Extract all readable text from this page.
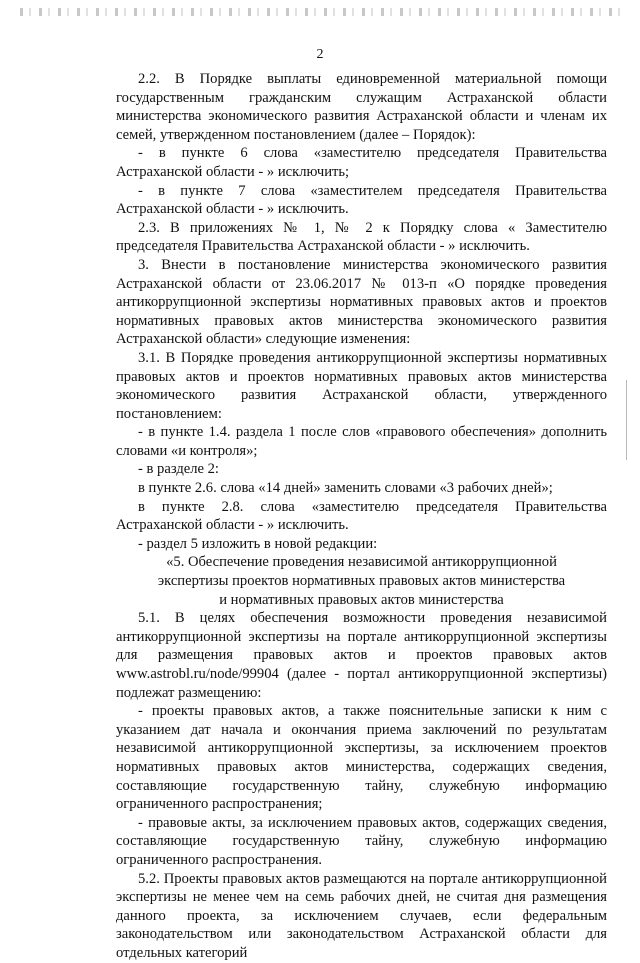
2

2.2. В Порядке выплаты единовременной материальной помощи государственным гражданским служащим Астраханской области министерства экономического развития Астраханской области и членам их семей, утвержденном постановлением (далее – Порядок):

- в пункте 6 слова «заместителю председателя Правительства Астраханской области - » исключить;

- в пункте 7 слова «заместителем председателя Правительства Астраханской области - » исключить.

2.3. В приложениях № 1, № 2 к Порядку слова « Заместителю председателя Правительства Астраханской области - » исключить.

3. Внести в постановление министерства экономического развития Астраханской области от 23.06.2017 № 013-п «О порядке проведения антикоррупционной экспертизы нормативных правовых актов и проектов нормативных правовых актов министерства экономического развития Астраханской области» следующие изменения:

3.1. В Порядке проведения антикоррупционной экспертизы нормативных правовых актов и проектов нормативных правовых актов министерства экономического развития Астраханской области, утвержденного постановлением:

- в пункте 1.4. раздела 1 после слов «правового обеспечения» дополнить словами «и контроля»;

- в разделе 2:

в пункте 2.6. слова «14 дней» заменить словами «3 рабочих дней»;

в пункте 2.8. слова «заместителю председателя Правительства Астраханской области - » исключить.

- раздел 5 изложить в новой редакции:

«5. Обеспечение проведения независимой антикоррупционной экспертизы проектов нормативных правовых актов министерства и нормативных правовых актов министерства

5.1. В целях обеспечения возможности проведения независимой антикоррупционной экспертизы на портале антикоррупционной экспертизы для размещения правовых актов и проектов правовых актов www.astrobl.ru/node/99904 (далее - портал антикоррупционной экспертизы) подлежат размещению:

- проекты правовых актов, а также пояснительные записки к ним с указанием дат начала и окончания приема заключений по результатам независимой антикоррупционной экспертизы, за исключением проектов нормативных правовых актов министерства, содержащих сведения, составляющие государственную тайну, служебную информацию ограниченного распространения;

- правовые акты, за исключением правовых актов, содержащих сведения, составляющие государственную тайну, служебную информацию ограниченного распространения.

5.2. Проекты правовых актов размещаются на портале антикоррупционной экспертизы не менее чем на семь рабочих дней, не считая дня размещения данного проекта, за исключением случаев, если федеральным законодательством или законодательством Астраханской области для отдельных категорий
